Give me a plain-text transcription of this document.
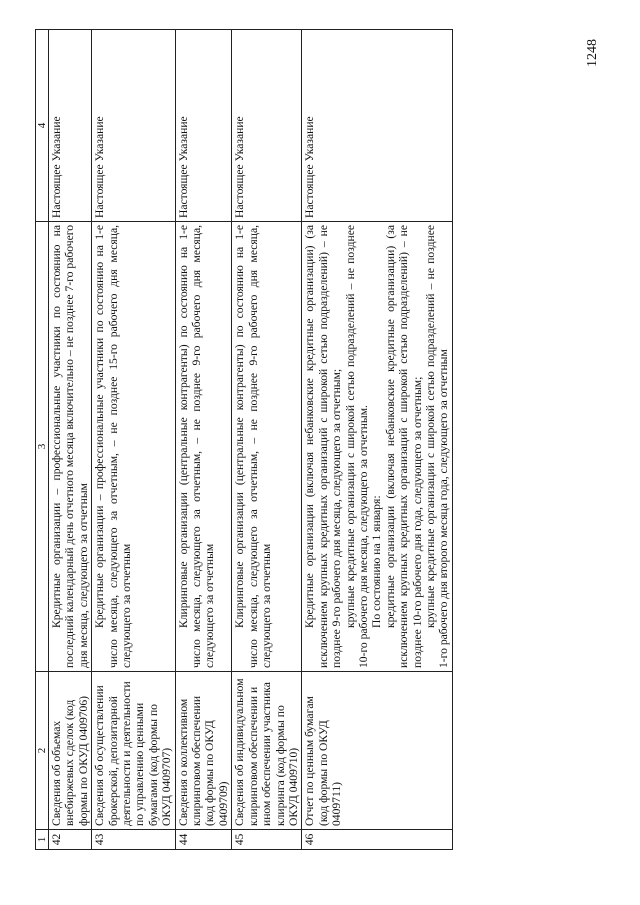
1248
1	2	3	4
42	Сведения об объемах внебиржевых сделок (код формы по ОКУД 0409706)	Кредитные организации – профессиональные участники по состоянию на последний календарный день отчетного месяца включительно – не позднее 7-го рабочего дня месяца, следующего за отчетным	Настоящее Указание
43	Сведения об осуществлении брокерской, депозитарной деятельности и деятельности по управлению ценными бумагами (код формы по ОКУД 0409707)	Кредитные организации – профессиональные участники по состоянию на 1-е число месяца, следующего за отчетным, – не позднее 15-го рабочего дня месяца, следующего за отчетным	Настоящее Указание
44	Сведения о коллективном клиринговом обеспечении (код формы по ОКУД 0409709)	Клиринговые организации (центральные контрагенты) по состоянию на 1-е число месяца, следующего за отчетным, – не позднее 9-го рабочего дня месяца, следующего за отчетным	Настоящее Указание
45	Сведения об индивидуальном клиринговом обеспечении и ином обеспечении участника клиринга (код формы по ОКУД 0409710)	Клиринговые организации (центральные контрагенты) по состоянию на 1-е число месяца, следующего за отчетным, – не позднее 9-го рабочего дня месяца, следующего за отчетным	Настоящее Указание
46	Отчет по ценным бумагам (код формы по ОКУД 0409711)	Кредитные организации (включая небанковские кредитные организации) (за исключением крупных кредитных организаций с широкой сетью подразделений) – не позднее 9-го рабочего дня месяца, следующего за отчетным; крупные кредитные организации с широкой сетью подразделений – не позднее 10-го рабочего дня месяца, следующего за отчетным. По состоянию на 1 января: кредитные организации (включая небанковские кредитные организации) (за исключением крупных кредитных организаций с широкой сетью подразделений) – не позднее 10-го рабочего дня года, следующего за отчетным; крупные кредитные организации с широкой сетью подразделений – не позднее 1-го рабочего дня второго месяца года, следующего за отчетным	Настоящее Указание
